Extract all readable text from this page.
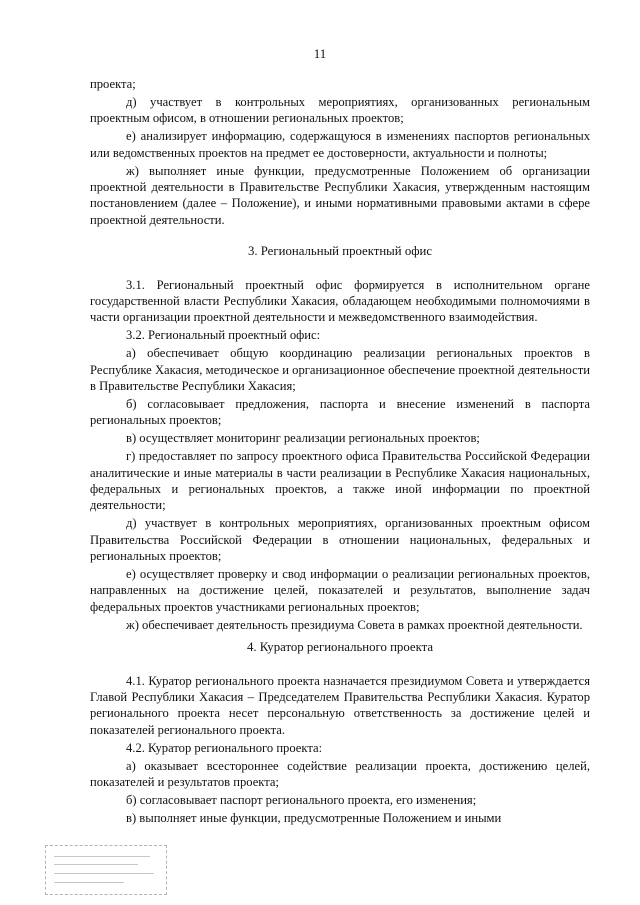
11

проекта;

д) участвует в контрольных мероприятиях, организованных региональным проектным офисом, в отношении региональных проектов;

е) анализирует информацию, содержащуюся в изменениях паспортов региональных или ведомственных проектов на предмет ее достоверности, актуальности и полноты;

ж) выполняет иные функции, предусмотренные Положением об организации проектной деятельности в Правительстве Республики Хакасия, утвержденным настоящим постановлением (далее – Положение), и иными нормативными правовыми актами в сфере проектной деятельности.

3. Региональный проектный офис

3.1. Региональный проектный офис формируется в исполнительном органе государственной власти Республики Хакасия, обладающем необходимыми полномочиями в части организации проектной деятельности и межведомственного взаимодействия.

3.2. Региональный проектный офис:

а) обеспечивает общую координацию реализации региональных проектов в Республике Хакасия, методическое и организационное обеспечение проектной деятельности в Правительстве Республики Хакасия;

б) согласовывает предложения, паспорта и внесение изменений в паспорта региональных проектов;

в) осуществляет мониторинг реализации региональных проектов;

г) предоставляет по запросу проектного офиса Правительства Российской Федерации аналитические и иные материалы в части реализации в Республике Хакасия национальных, федеральных и региональных проектов, а также иной информации по проектной деятельности;

д) участвует в контрольных мероприятиях, организованных проектным офисом Правительства Российской Федерации в отношении национальных, федеральных и региональных проектов;

е) осуществляет проверку и свод информации о реализации региональных проектов, направленных на достижение целей, показателей и результатов, выполнение задач федеральных проектов участниками региональных проектов;

ж) обеспечивает деятельность президиума Совета в рамках проектной деятельности.

4. Куратор регионального проекта

4.1. Куратор регионального проекта назначается президиумом Совета и утверждается Главой Республики Хакасия – Председателем Правительства Республики Хакасия. Куратор регионального проекта несет персональную ответственность за достижение целей и показателей регионального проекта.

4.2. Куратор регионального проекта:

а) оказывает всестороннее содействие реализации проекта, достижению целей, показателей и результатов проекта;

б) согласовывает паспорт регионального проекта, его изменения;

в) выполняет иные функции, предусмотренные Положением и иными
